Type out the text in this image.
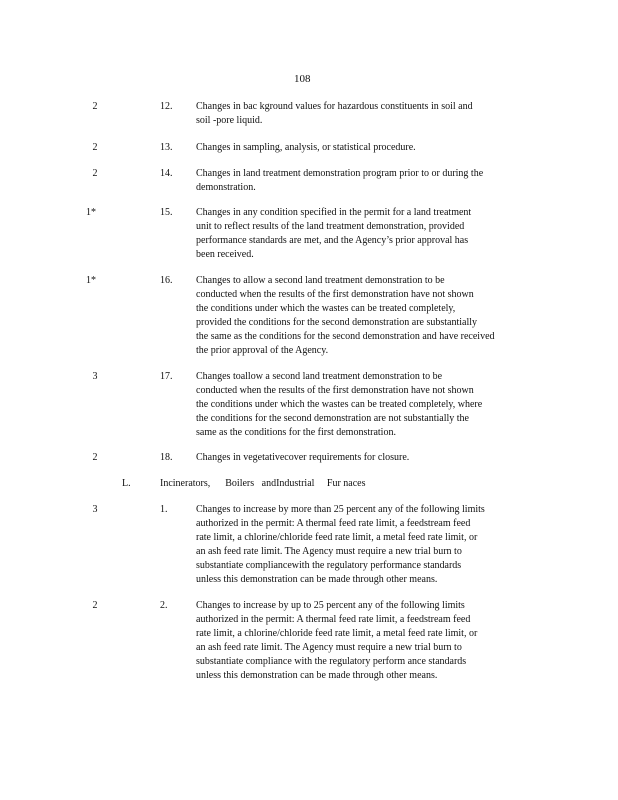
108
2	12. Changes in bac kground values for hazardous constituents in soil and
soil -pore liquid.
2	13. Changes in sampling, analysis, or statistical procedure.
2	14. Changes in land treatment demonstration program prior to or during the
demonstration.
1*	15. Changes in any condition specified in the permit for a land treatment
unit to reflect results of the land treatment demonstration, provided
performance standards are met, and the Agency’s prior approval has
been received.
1*	16. Changes to allow a second land treatment demonstration to be
conducted when the results of the first demonstration have not shown
the conditions under which the wastes can be treated completely,
provided the conditions for the second demonstration are substantially
the same as the conditions for the second demonstration and have received
the prior approval of the Agency.
3	17. Changes toallow a second land treatment demonstration to be
conducted when the results of the first demonstration have not shown
the conditions under which the wastes can be treated completely, where
the conditions for the second demonstration are not substantially the
same as the conditions for the first demonstration.
2	18. Changes in vegetativecover requirements for closure.
L.	Incinerators,      Boilers   andIndustrial     Fur naces
3	1.	Changes to increase by more than 25 percent any of the following limits
authorized in the permit: A thermal feed rate limit, a feedstream feed
rate limit, a chlorine/chloride feed rate limit, a metal feed rate limit, or
an ash feed rate limit. The Agency must require a new trial burn to
substantiate compliancewith the regulatory performance standards
unless this demonstration can be made through other means.
2	2.	Changes to increase by up to 25 percent any of the following limits
authorized in the permit: A thermal feed rate limit, a feedstream feed
rate limit, a chlorine/chloride feed rate limit, a metal feed rate limit, or
an ash feed rate limit. The Agency must require a new trial burn to
substantiate compliance with the regulatory perform ance standards
unless this demonstration can be made through other means.
